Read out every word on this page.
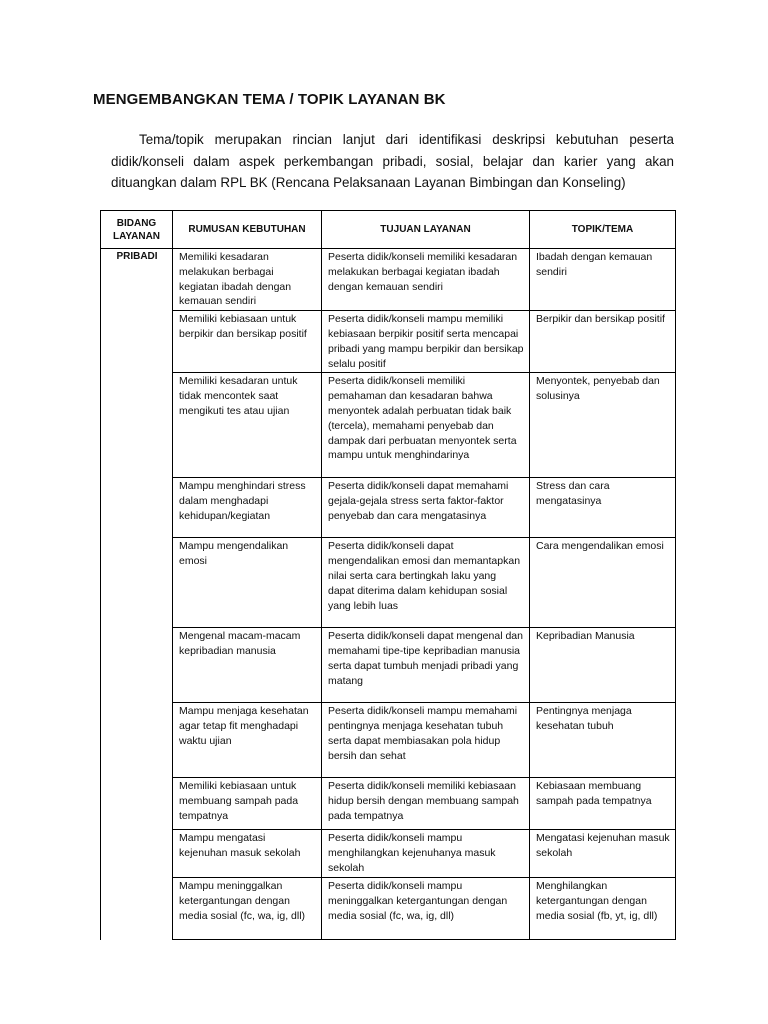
MENGEMBANGKAN TEMA / TOPIK LAYANAN BK
Tema/topik merupakan rincian lanjut dari identifikasi deskripsi kebutuhan peserta didik/konseli dalam aspek perkembangan pribadi, sosial, belajar dan karier yang akan dituangkan dalam RPL BK (Rencana Pelaksanaan Layanan Bimbingan dan Konseling)
BIDANG LAYANAN	RUMUSAN KEBUTUHAN	TUJUAN LAYANAN	TOPIK/TEMA
PRIBADI	Memiliki kesadaran melakukan berbagai kegiatan ibadah dengan kemauan sendiri	Peserta didik/konseli memiliki kesadaran melakukan berbagai kegiatan ibadah dengan kemauan sendiri	Ibadah dengan kemauan sendiri
	Memiliki kebiasaan untuk berpikir dan bersikap positif	Peserta didik/konseli mampu memiliki kebiasaan berpikir positif serta mencapai pribadi yang mampu berpikir dan bersikap selalu positif	Berpikir dan bersikap positif
	Memiliki kesadaran untuk tidak mencontek saat mengikuti tes atau ujian	Peserta didik/konseli memiliki pemahaman dan kesadaran bahwa menyontek adalah perbuatan tidak baik (tercela), memahami penyebab dan dampak dari perbuatan menyontek serta mampu untuk menghindarinya	Menyontek, penyebab dan solusinya
	Mampu menghindari stress dalam menghadapi kehidupan/kegiatan	Peserta didik/konseli dapat memahami gejala-gejala stress serta faktor-faktor penyebab dan cara mengatasinya	Stress dan cara mengatasinya
	Mampu mengendalikan emosi	Peserta didik/konseli dapat mengendalikan emosi dan memantapkan nilai serta cara bertingkah laku yang dapat diterima dalam kehidupan sosial yang lebih luas	Cara mengendalikan emosi
	Mengenal macam-macam kepribadian manusia	Peserta didik/konseli dapat mengenal dan memahami tipe-tipe kepribadian manusia serta dapat tumbuh menjadi pribadi yang matang	Kepribadian Manusia
	Mampu menjaga kesehatan agar tetap fit menghadapi waktu ujian	Peserta didik/konseli mampu memahami pentingnya menjaga kesehatan tubuh serta dapat membiasakan pola hidup bersih dan sehat	Pentingnya menjaga kesehatan tubuh
	Memiliki kebiasaan untuk membuang sampah pada tempatnya	Peserta didik/konseli memiliki kebiasaan hidup bersih dengan membuang sampah pada tempatnya	Kebiasaan membuang sampah pada tempatnya
	Mampu mengatasi kejenuhan masuk sekolah	Peserta didik/konseli mampu menghilangkan kejenuhanya masuk sekolah	Mengatasi kejenuhan masuk sekolah
	Mampu meninggalkan ketergantungan dengan media sosial (fc, wa, ig, dll)	Peserta didik/konseli mampu meninggalkan ketergantungan dengan media sosial (fc, wa, ig, dll)	Menghilangkan ketergantungan dengan media sosial (fb, yt, ig, dll)
